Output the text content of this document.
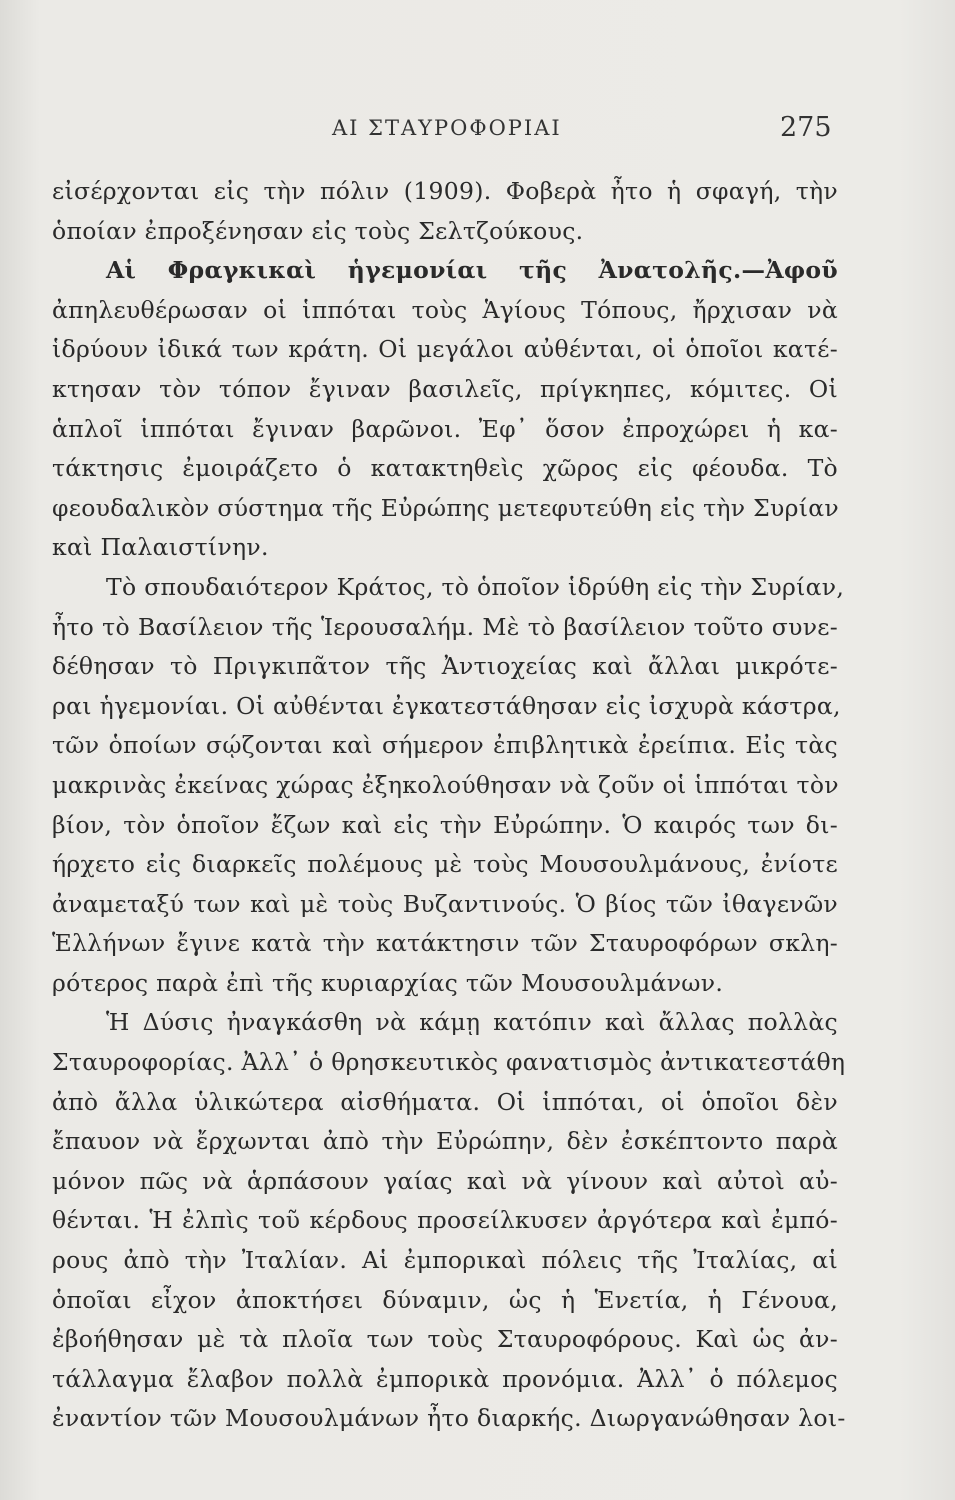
ΑΙ ΣΤΑΥΡΟΦΟΡΙΑΙ	275
εἰσέρχονται εἰς τὴν πόλιν (1909). Φοβερὰ ἦτο ἡ σφαγή, τὴν
ὁποίαν ἐπροξένησαν εἰς τοὺς Σελτζούκους.
Αἱ Φραγκικαὶ ἡγεμονίαι τῆς Ἀνατολῆς.—Ἀφοῦ
ἀπηλευθέρωσαν οἱ ἱππόται τοὺς Ἁγίους Τόπους, ἤρχισαν νὰ
ἱδρύουν ἰδικά των κράτη. Οἱ μεγάλοι αὐθένται, οἱ ὁποῖοι κατέ-
κτησαν τὸν τόπον ἔγιναν βασιλεῖς, πρίγκηπες, κόμιτες. Οἱ
ἁπλοῖ ἱππόται ἔγιναν βαρῶνοι. Ἐφ᾽ ὅσον ἐπροχώρει ἡ κα-
τάκτησις ἐμοιράζετο ὁ κατακτηθεὶς χῶρος εἰς φέουδα. Τὸ
φεουδαλικὸν σύστημα τῆς Εὐρώπης μετεφυτεύθη εἰς τὴν Συρίαν
καὶ Παλαιστίνην.
Τὸ σπουδαιότερον Κράτος, τὸ ὁποῖον ἱδρύθη εἰς τὴν Συρίαν,
ἦτο τὸ Βασίλειον τῆς Ἱερουσαλήμ. Μὲ τὸ βασίλειον τοῦτο συνε-
δέθησαν τὸ Πριγκιπᾶτον τῆς Ἀντιοχείας καὶ ἄλλαι μικρότε-
ραι ἡγεμονίαι. Οἱ αὐθένται ἐγκατεστάθησαν εἰς ἰσχυρὰ κάστρα,
τῶν ὁποίων σῴζονται καὶ σήμερον ἐπιβλητικὰ ἐρείπια. Εἰς τὰς
μακρινὰς ἐκείνας χώρας ἐξηκολούθησαν νὰ ζοῦν οἱ ἱππόται τὸν
βίον, τὸν ὁποῖον ἔζων καὶ εἰς τὴν Εὐρώπην. Ὁ καιρός των δι-
ήρχετο εἰς διαρκεῖς πολέμους μὲ τοὺς Μουσουλμάνους, ἐνίοτε
ἀναμεταξύ των καὶ μὲ τοὺς Βυζαντινούς. Ὁ βίος τῶν ἰθαγενῶν
Ἑλλήνων ἔγινε κατὰ τὴν κατάκτησιν τῶν Σταυροφόρων σκλη-
ρότερος παρὰ ἐπὶ τῆς κυριαρχίας τῶν Μουσουλμάνων.
Ἡ Δύσις ἠναγκάσθη νὰ κάμῃ κατόπιν καὶ ἄλλας πολλὰς
Σταυροφορίας. Ἀλλ᾽ ὁ θρησκευτικὸς φανατισμὸς ἀντικατεστάθη
ἀπὸ ἄλλα ὑλικώτερα αἰσθήματα. Οἱ ἱππόται, οἱ ὁποῖοι δὲν
ἔπαυον νὰ ἔρχωνται ἀπὸ τὴν Εὐρώπην, δὲν ἐσκέπτοντο παρὰ
μόνον πῶς νὰ ἁρπάσουν γαίας καὶ νὰ γίνουν καὶ αὐτοὶ αὐ-
θένται. Ἡ ἐλπὶς τοῦ κέρδους προσείλκυσεν ἀργότερα καὶ ἐμπό-
ρους ἀπὸ τὴν Ἰταλίαν. Αἱ ἐμπορικαὶ πόλεις τῆς Ἰταλίας, αἱ
ὁποῖαι εἶχον ἀποκτήσει δύναμιν, ὡς ἡ Ἑνετία, ἡ Γένουα,
ἐβοήθησαν μὲ τὰ πλοῖα των τοὺς Σταυροφόρους. Καὶ ὡς ἀν-
τάλλαγμα ἔλαβον πολλὰ ἐμπορικὰ προνόμια. Ἀλλ᾽ ὁ πόλεμος
ἐναντίον τῶν Μουσουλμάνων ἦτο διαρκής. Διωργανώθησαν λοι-
